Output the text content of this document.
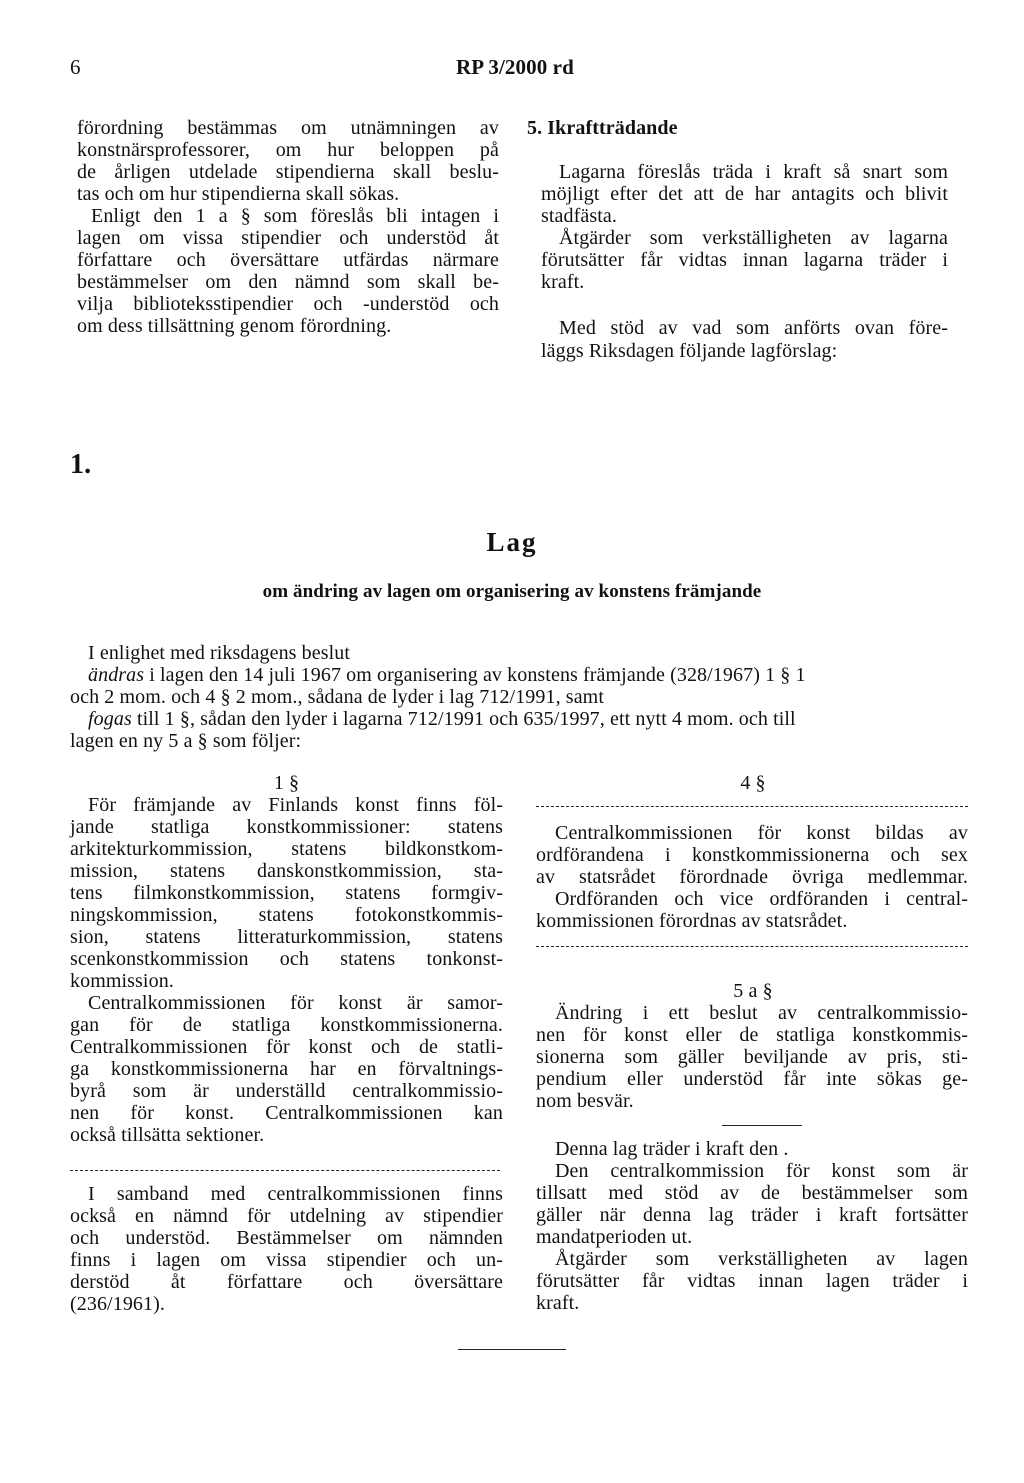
6	RP 3/2000 rd
förordning bestämmas om utnämningen av
konstnärsprofessorer, om hur beloppen på
de årligen utdelade stipendierna skall beslu-
tas och om hur stipendierna skall sökas.
Enligt den 1 a § som föreslås bli intagen i
lagen om vissa stipendier och understöd åt
författare och översättare utfärdas närmare
bestämmelser om den nämnd som skall be-
vilja biblioteksstipendier och -understöd och
om dess tillsättning genom förordning.
5. Ikraftträdande
Lagarna föreslås träda i kraft så snart som
möjligt efter det att de har antagits och blivit
stadfästa.
Åtgärder som verkställigheten av lagarna
förutsätter får vidtas innan lagarna träder i
kraft.
Med stöd av vad som anförts ovan före-
läggs Riksdagen följande lagförslag:
1.
Lag
om ändring av lagen om organisering av konstens främjande
I enlighet med riksdagens beslut
ändras i lagen den 14 juli 1967 om organisering av konstens främjande (328/1967) 1 § 1
och 2 mom. och 4 § 2 mom., sådana de lyder i lag 712/1991, samt
fogas till 1 §, sådan den lyder i lagarna 712/1991 och 635/1997, ett nytt 4 mom. och till
lagen en ny 5 a § som följer:
1 §
För främjande av Finlands konst finns föl-
jande statliga konstkommissioner: statens
arkitekturkommission, statens bildkonstkom-
mission, statens danskonstkommission, sta-
tens filmkonstkommission, statens formgiv-
ningskommission, statens fotokonstkommis-
sion, statens litteraturkommission, statens
scenkonstkommission och statens tonkonst-
kommission.
Centralkommissionen för konst är samor-
gan för de statliga konstkommissionerna.
Centralkommissionen för konst och de statli-
ga konstkommissionerna har en förvaltnings-
byrå som är underställd centralkommissio-
nen för konst. Centralkommissionen kan
också tillsätta sektioner.
I samband med centralkommissionen finns
också en nämnd för utdelning av stipendier
och understöd. Bestämmelser om nämnden
finns i lagen om vissa stipendier och un-
derstöd åt författare och översättare
(236/1961).
4 §
Centralkommissionen för konst bildas av
ordförandena i konstkommissionerna och sex
av statsrådet förordnade övriga medlemmar.
Ordföranden och vice ordföranden i central-
kommissionen förordnas av statsrådet.
5 a §
Ändring i ett beslut av centralkommissio-
nen för konst eller de statliga konstkommis-
sionerna som gäller beviljande av pris, sti-
pendium eller understöd får inte sökas ge-
nom besvär.
Denna lag träder i kraft den .
Den centralkommission för konst som är
tillsatt med stöd av de bestämmelser som
gäller när denna lag träder i kraft fortsätter
mandatperioden ut.
Åtgärder som verkställigheten av lagen
förutsätter får vidtas innan lagen träder i
kraft.
